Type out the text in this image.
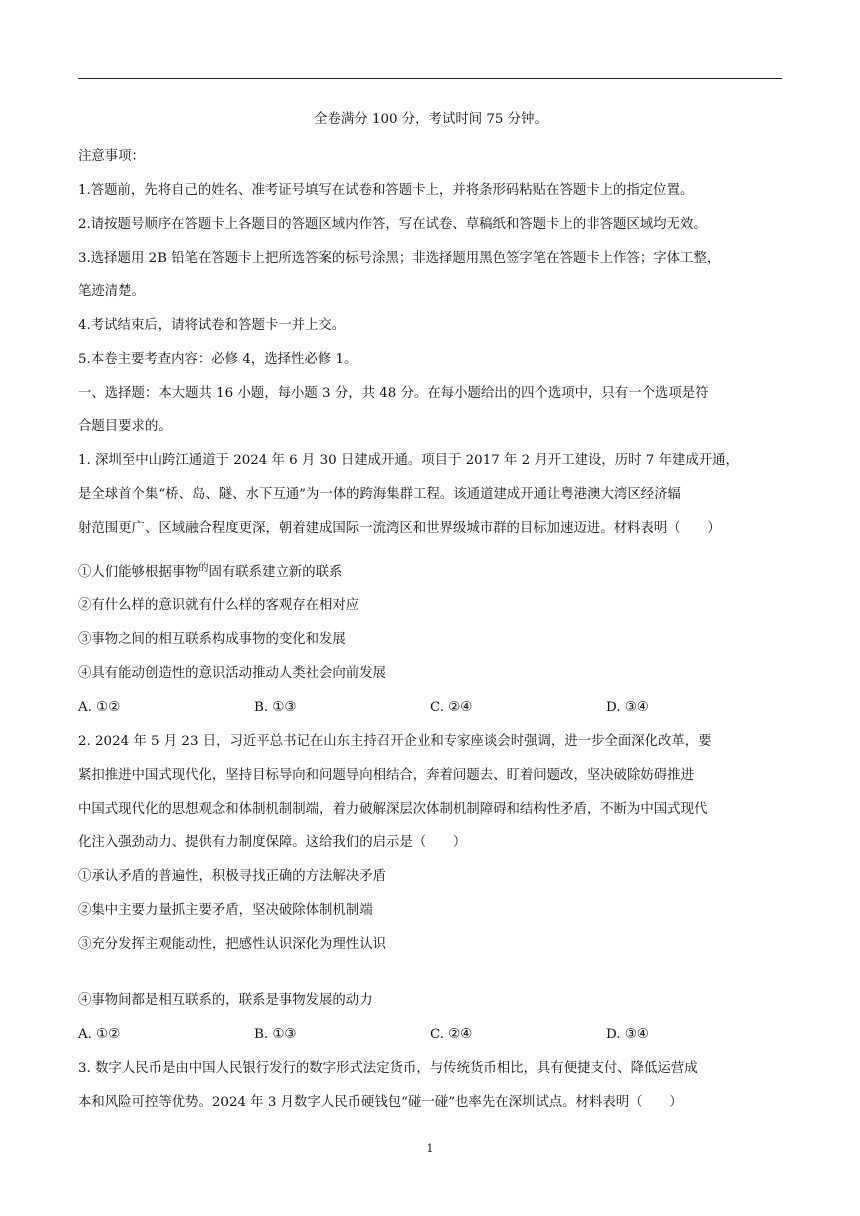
全卷满分 100 分，考试时间 75 分钟。
注意事项：
1.答题前，先将自己的姓名、准考证号填写在试卷和答题卡上，并将条形码粘贴在答题卡上的指定位置。
2.请按题号顺序在答题卡上各题目的答题区域内作答，写在试卷、草稿纸和答题卡上的非答题区域均无效。
3.选择题用 2B 铅笔在答题卡上把所选答案的标号涂黑；非选择题用黑色签字笔在答题卡上作答；字体工整，
笔迹清楚。
4.考试结束后，请将试卷和答题卡一并上交。
5.本卷主要考查内容：必修 4，选择性必修 1。
一、选择题：本大题共 16 小题，每小题 3 分，共 48 分。在每小题给出的四个选项中，只有一个选项是符
合题目要求的。
1. 深圳至中山跨江通道于 2024 年 6 月 30 日建成开通。项目于 2017 年 2 月开工建设，历时 7 年建成开通，
是全球首个集“桥、岛、隧、水下互通”为一体的跨海集群工程。该通道建成开通让粤港澳大湾区经济辐
射范围更广、区域融合程度更深，朝着建成国际一流湾区和世界级城市群的目标加速迈进。材料表明（　　）
①人们能够根据事物$^的$固有联系建立新的联系
②有什么样的意识就有什么样的客观存在相对应
③事物之间的相互联系构成事物的变化和发展
④具有能动创造性的意识活动推动人类社会向前发展
A. ①②	B. ①③	C. ②④	D. ③④
2. 2024 年 5 月 23 日，习近平总书记在山东主持召开企业和专家座谈会时强调，进一步全面深化改革，要
紧扣推进中国式现代化，坚持目标导向和问题导向相结合，奔着问题去、盯着问题改，坚决破除妨碍推进
中国式现代化的思想观念和体制机制制端，着力破解深层次体制机制障碍和结构性矛盾，不断为中国式现代
化注入强劲动力、提供有力制度保障。这给我们的启示是（　　）
①承认矛盾的普遍性，积极寻找正确的方法解决矛盾
②集中主要力量抓主要矛盾，坚决破除体制机制端
③充分发挥主观能动性，把感性认识深化为理性认识
④事物间都是相互联系的，联系是事物发展的动力
A. ①②	B. ①③	C. ②④	D. ③④
3. 数字人民币是由中国人民银行发行的数字形式法定货币，与传统货币相比，具有便捷支付、降低运营成
本和风险可控等优势。2024 年 3 月数字人民币硬钱包“碰一碰”也率先在深圳试点。材料表明（　　）
1
